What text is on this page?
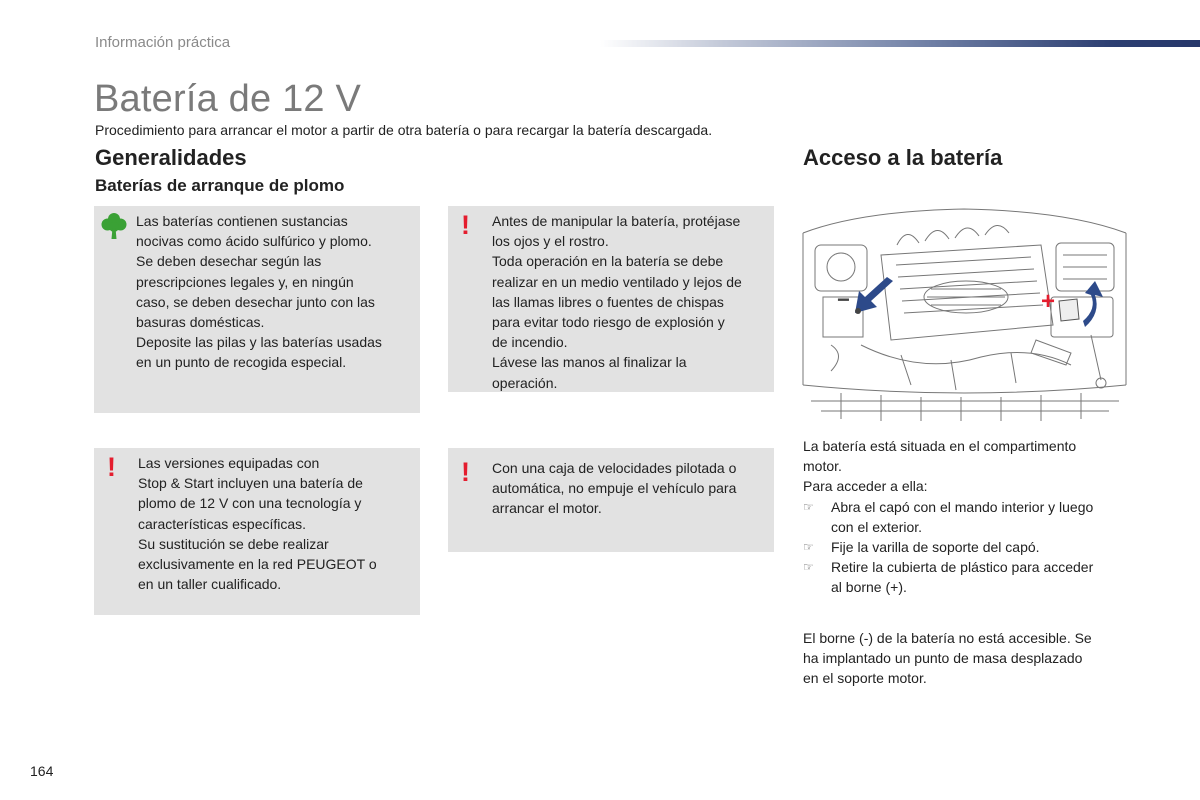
Información práctica
Batería de 12 V

Procedimiento para arrancar el motor a partir de otra batería o para recargar la batería descargada.

Generalidades
Baterías de arranque de plomo
Acceso a la batería
Las baterías contienen sustancias
nocivas como ácido sulfúrico y plomo.
Se deben desechar según las
prescripciones legales y, en ningún
caso, se deben desechar junto con las
basuras domésticas.
Deposite las pilas y las baterías usadas
en un punto de recogida especial.
! Antes de manipular la batería, protéjase
los ojos y el rostro.
Toda operación en la batería se debe
realizar en un medio ventilado y lejos de
las llamas libres o fuentes de chispas
para evitar todo riesgo de explosión y
de incendio.
Lávese las manos al finalizar la
operación.
! Las versiones equipadas con
Stop & Start incluyen una batería de
plomo de 12 V con una tecnología y
características específicas.
Su sustitución se debe realizar
exclusivamente en la red PEUGEOT o
en un taller cualificado.
! Con una caja de velocidades pilotada o
automática, no empuje el vehículo para
arrancar el motor.
−	+

La batería está situada en el compartimento
motor.

Para acceder a ella:

☞ Abra el capó con el mando interior y luego
con el exterior.
☞ Fije la varilla de soporte del capó.
☞ Retire la cubierta de plástico para acceder
al borne (+).

El borne (-) de la batería no está accesible. Se
ha implantado un punto de masa desplazado
en el soporte motor.

164
